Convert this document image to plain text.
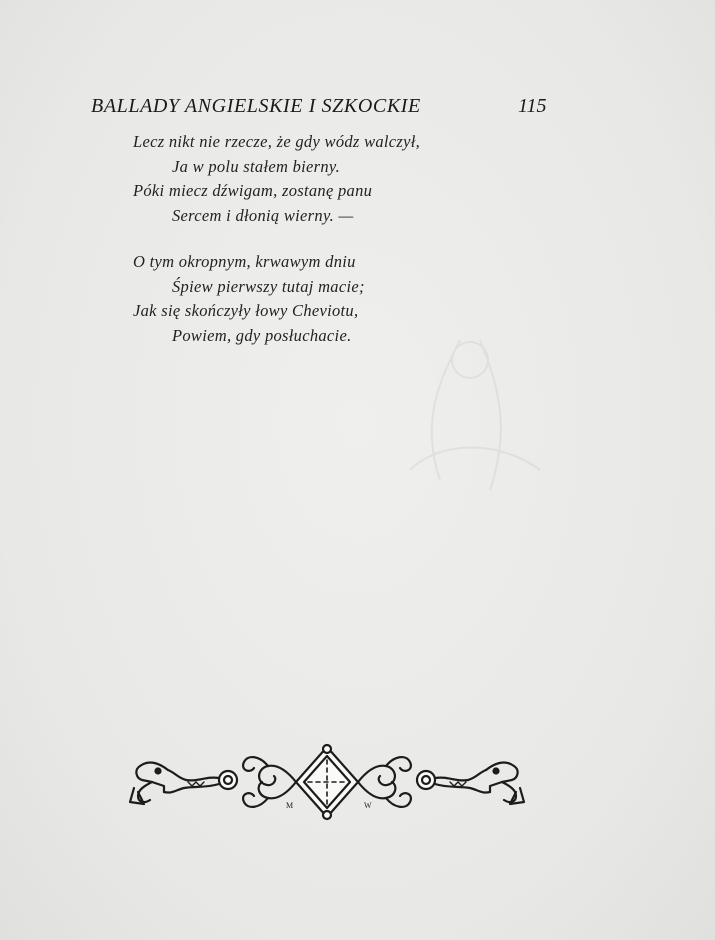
BALLADY ANGIELSKIE I SZKOCKIE	115
Lecz nikt nie rzecze, że gdy wódz walczył,
Ja w polu stałem bierny.
Póki miecz dźwigam, zostanę panu
Sercem i dłonią wierny. —
O tym okropnym, krwawym dniu
Śpiew pierwszy tutaj macie;
Jak się skończyły łowy Cheviotu,
Powiem, gdy posłuchacie.
M	W
